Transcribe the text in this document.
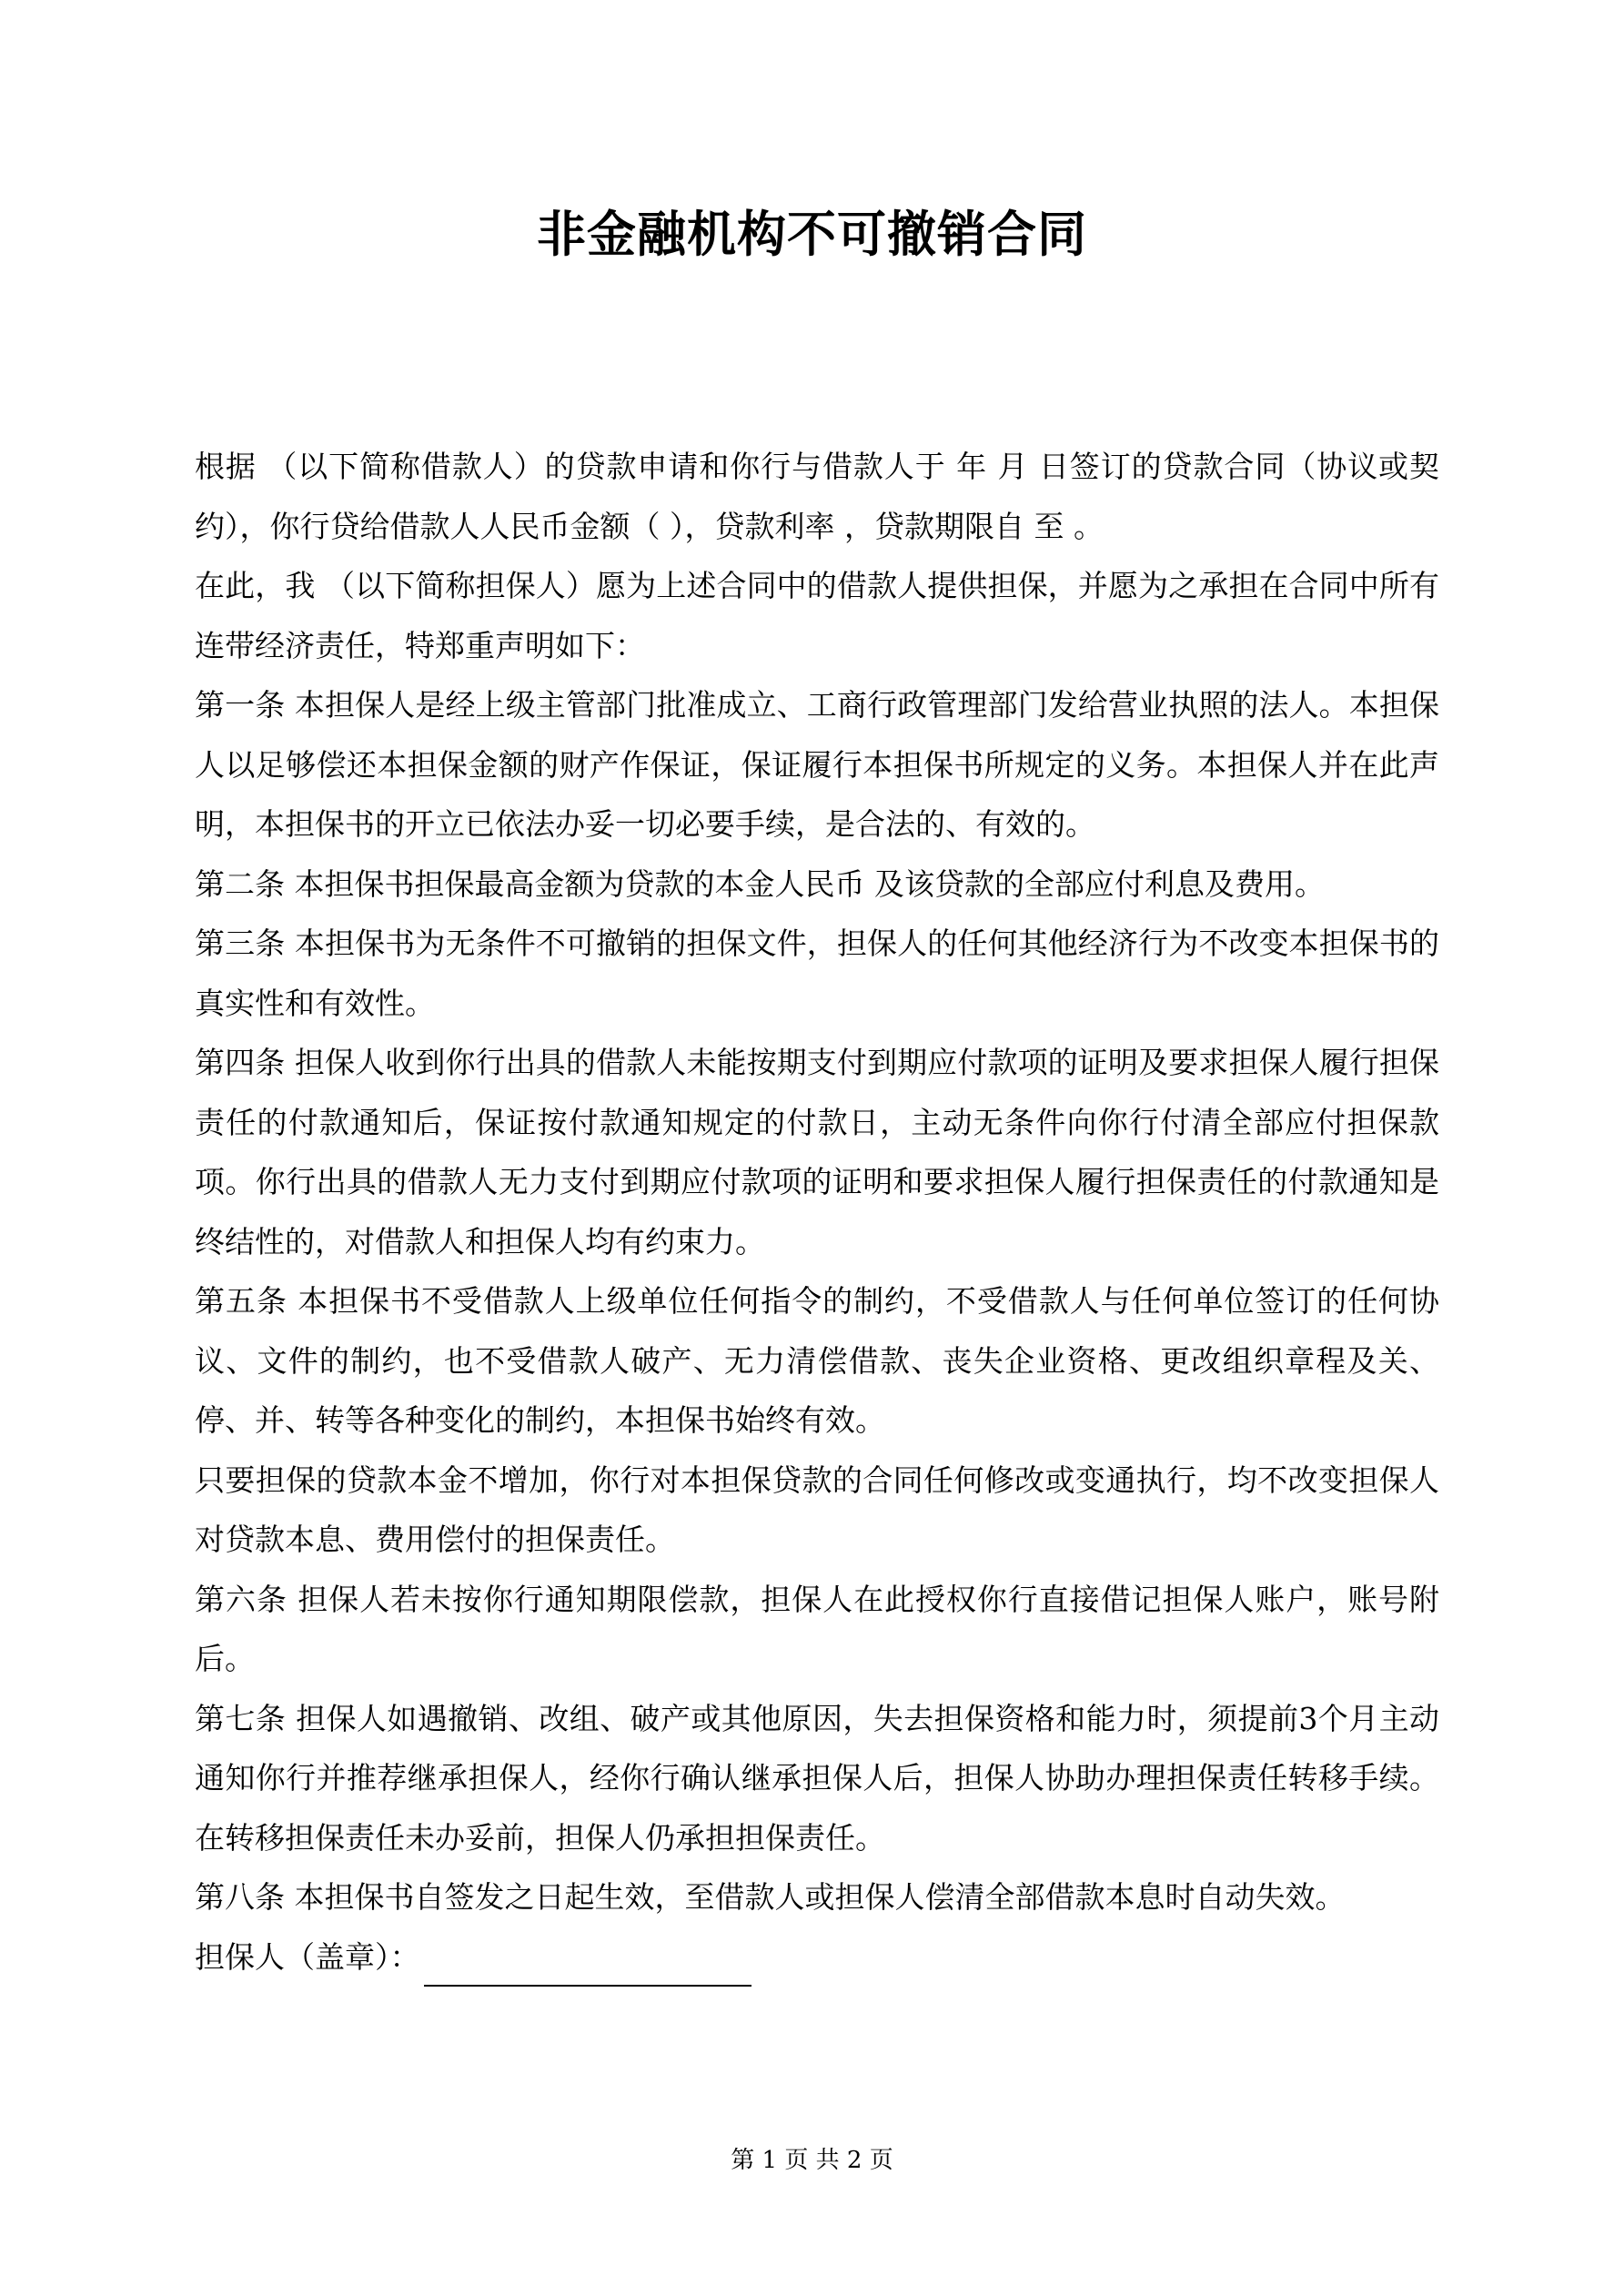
非金融机构不可撤销合同

根据 （以下简称借款人）的贷款申请和你行与借款人于 年 月 日签订的贷款合同（协议或契约），你行贷给借款人人民币金额（ ），贷款利率 ，贷款期限自 至 。

在此，我 （以下简称担保人）愿为上述合同中的借款人提供担保，并愿为之承担在合同中所有连带经济责任，特郑重声明如下：

第一条 本担保人是经上级主管部门批准成立、工商行政管理部门发给营业执照的法人。本担保人以足够偿还本担保金额的财产作保证，保证履行本担保书所规定的义务。本担保人并在此声明，本担保书的开立已依法办妥一切必要手续，是合法的、有效的。

第二条 本担保书担保最高金额为贷款的本金人民币 及该贷款的全部应付利息及费用。

第三条 本担保书为无条件不可撤销的担保文件，担保人的任何其他经济行为不改变本担保书的真实性和有效性。

第四条 担保人收到你行出具的借款人未能按期支付到期应付款项的证明及要求担保人履行担保责任的付款通知后，保证按付款通知规定的付款日，主动无条件向你行付清全部应付担保款项。你行出具的借款人无力支付到期应付款项的证明和要求担保人履行担保责任的付款通知是终结性的，对借款人和担保人均有约束力。

第五条 本担保书不受借款人上级单位任何指令的制约，不受借款人与任何单位签订的任何协议、文件的制约，也不受借款人破产、无力清偿借款、丧失企业资格、更改组织章程及关、停、并、转等各种变化的制约，本担保书始终有效。

只要担保的贷款本金不增加，你行对本担保贷款的合同任何修改或变通执行，均不改变担保人对贷款本息、费用偿付的担保责任。

第六条 担保人若未按你行通知期限偿款，担保人在此授权你行直接借记担保人账户，账号附后。

第七条 担保人如遇撤销、改组、破产或其他原因，失去担保资格和能力时，须提前3个月主动通知你行并推荐继承担保人，经你行确认继承担保人后，担保人协助办理担保责任转移手续。在转移担保责任未办妥前，担保人仍承担担保责任。

第八条 本担保书自签发之日起生效，至借款人或担保人偿清全部借款本息时自动失效。

担保人（盖章）：

第 1 页 共 2 页
